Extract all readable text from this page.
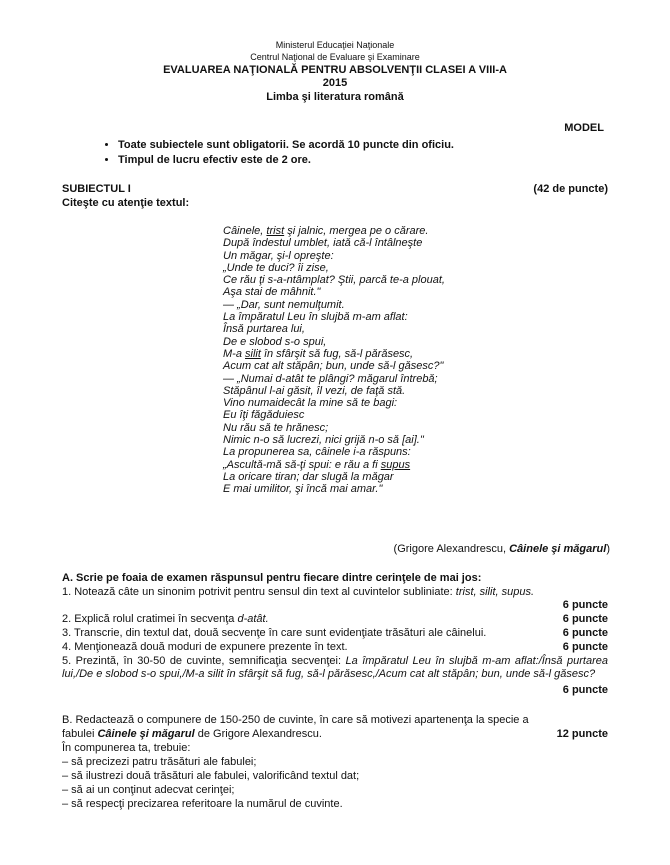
Ministerul Educaţiei Naţionale
Centrul Naţional de Evaluare şi Examinare
EVALUAREA NAŢIONALĂ PENTRU ABSOLVENŢII CLASEI A VIII-A
2015
Limba şi literatura română
MODEL
• Toate subiectele sunt obligatorii. Se acordă 10 puncte din oficiu.
• Timpul de lucru efectiv este de 2 ore.
SUBIECTUL I	(42 de puncte)
Citeşte cu atenţie textul:
Câinele, trist şi jalnic, mergea pe o cărare.
După îndestul umblet, iată că-l întâlneşte
Un măgar, şi-l opreşte:
„Unde te duci? îi zise,
Ce rău ţi s-a-ntâmplat? Ştii, parcă te-a plouat,
Aşa stai de mâhnit."
— „Dar, sunt nemulţumit.
La împăratul Leu în slujbă m-am aflat:
Însă purtarea lui,
De e slobod s-o spui,
M-a silit în sfârşit să fug, să-l părăsesc,
Acum cat alt stăpân; bun, unde să-l găsesc?"
— „Numai d-atât te plângi? măgarul întrebă;
Stăpânul l-ai găsit, îl vezi, de faţă stă.
Vino numaidecât la mine să te bagi:
Eu îţi făgăduiesc
Nu rău să te hrănesc;
Nimic n-o să lucrezi, nici grijă n-o să [ai]."
La propunerea sa, câinele i-a răspuns:
„Ascultă-mă să-ţi spui: e rău a fi supus
La oricare tiran; dar slugă la măgar
E mai umilitor, şi încă mai amar."
(Grigore Alexandrescu, Câinele şi măgarul)
A. Scrie pe foaia de examen răspunsul pentru fiecare dintre cerinţele de mai jos:
1. Notează câte un sinonim potrivit pentru sensul din text al cuvintelor subliniate: trist, silit, supus.
6 puncte
2. Explică rolul cratimei în secvenţa d-atât.	6 puncte
3. Transcrie, din textul dat, două secvenţe în care sunt evidenţiate trăsături ale câinelui.	6 puncte
4. Menţionează două moduri de expunere prezente în text.	6 puncte
5. Prezintă, în 30-50 de cuvinte, semnificaţia secvenţei: La împăratul Leu în slujbă m-am aflat:/Însă purtarea lui,/De e slobod s-o spui,/M-a silit în sfârşit să fug, să-l părăsesc,/Acum cat alt stăpân; bun, unde să-l găsesc?
6 puncte
B. Redactează o compunere de 150-250 de cuvinte, în care să motivezi apartenenţa la specie a
fabulei Câinele şi măgarul de Grigore Alexandrescu.	12 puncte
În compunerea ta, trebuie:
– să precizezi patru trăsături ale fabulei;
– să ilustrezi două trăsături ale fabulei, valorificând textul dat;
– să ai un conţinut adecvat cerinţei;
– să respecţi precizarea referitoare la numărul de cuvinte.
